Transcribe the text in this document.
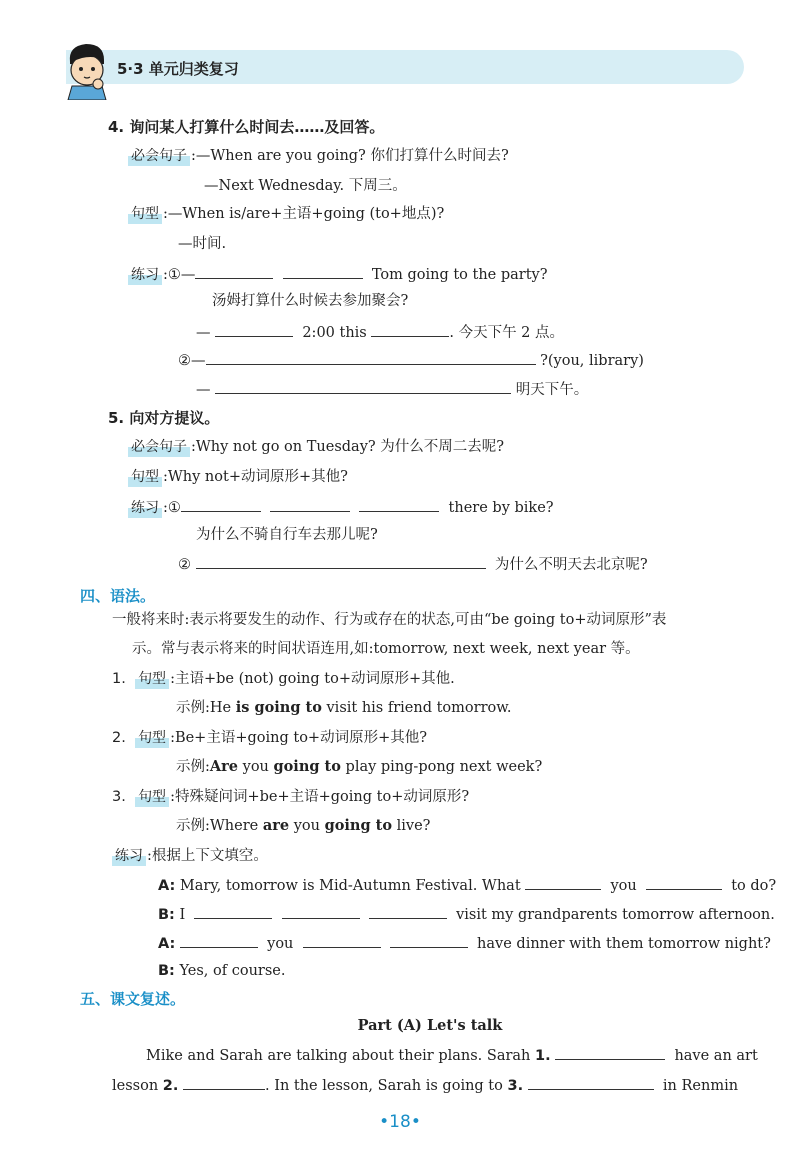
5·3 单元归类复习
4. 询问某人打算什么时间去……及回答。
必会句子 :—When are you going? 你们打算什么时间去?
—Next Wednesday. 下周三。
句型 :—When is/are+主语+going (to+地点)?
—时间.
练习 :①—	Tom going to the party?
汤姆打算什么时候去参加聚会?
—	2:00 this	. 今天下午 2 点。
②—	?(you, library)
—	明天下午。
5. 向对方提议。
必会句子 :Why not go on Tuesday? 为什么不周二去呢?
句型 :Why not+动词原形+其他?
练习 :①	there by bike?
为什么不骑自行车去那儿呢?
②	为什么不明天去北京呢?
四、语法。
一般将来时:表示将要发生的动作、行为或存在的状态,可由“be going to+动词原形”表
示。常与表示将来的时间状语连用,如:tomorrow, next week, next year 等。
1. 句型 :主语+be (not) going to+动词原形+其他.
示例:He is going to visit his friend tomorrow.
2. 句型 :Be+主语+going to+动词原形+其他?
示例:Are you going to play ping-pong next week?
3. 句型 :特殊疑问词+be+主语+going to+动词原形?
示例:Where are you going to live?
练习 :根据上下文填空。
A: Mary, tomorrow is Mid-Autumn Festival. What	you	to do?
B: I	visit my grandparents tomorrow afternoon.
A:	you	have dinner with them tomorrow night?
B: Yes, of course.
五、课文复述。
Part (A) Let's talk
Mike and Sarah are talking about their plans. Sarah 1.	have an art
lesson 2.	. In the lesson, Sarah is going to 3.	in Renmin
•18•
